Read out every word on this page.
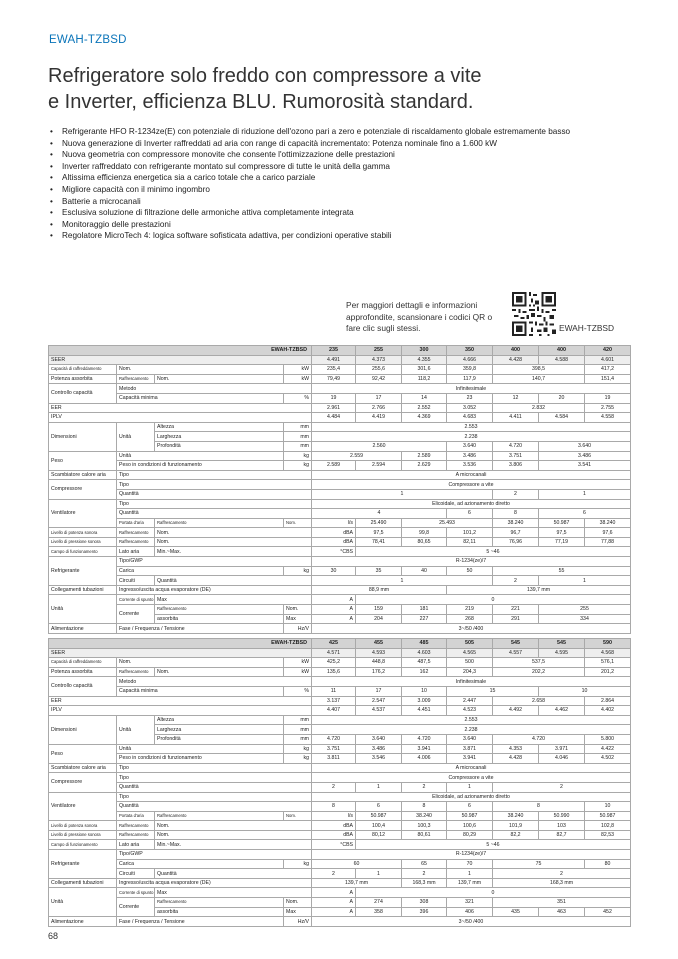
EWAH-TZBSD
Refrigeratore solo freddo con compressore a vite
e Inverter, efficienza BLU. Rumorosità standard.
• Refrigerante HFO R-1234ze(E) con potenziale di riduzione dell'ozono pari a zero e potenziale di riscaldamento globale estremamente basso
• Nuova generazione di Inverter raffreddati ad aria con range di capacità incrementato: Potenza nominale fino a 1.600 kW
• Nuova geometria con compressore monovite che consente l'ottimizzazione delle prestazioni
• Inverter raffreddato con refrigerante montato sul compressore di tutte le unità della gamma
• Altissima efficienza energetica sia a carico totale che a carico parziale
• Migliore capacità con il minimo ingombro
• Batterie a microcanali
• Esclusiva soluzione di filtrazione delle armoniche attiva completamente integrata
• Monitoraggio delle prestazioni
• Regolatore MicroTech 4: logica software sofisticata adattiva, per condizioni operative stabili
Per maggiori dettagli e informazioni approfondite, scansionare i codici QR o fare clic sugli stessi.	EWAH-TZBSD
EWAH-TZBSD				235	255	300	350	400	400	420	
SEER				4.491	4.373	4.355	4.666	4.428	4.588	4.601	
Capacità di raffreddamento	Nom.		kW	235,4	255,6	301,6	359,8	398,5		417,2	
Potenza assorbita	Raffrescamento	Nom.	kW	79,49	92,42	118,2	117,9	140,7		151,4	
Controllo capacità	Metodo			Infinitesimale							
	Capacità minima		%	19	17	14	23	12	20	19	
EER				2.961	2.766	2.552	3.052	2.832		2.755	
IPLV				4.484	4.419	4.369	4.683	4.411	4.584	4.558	
Dimensioni	Unità	Altezza	mm	2.553							
		Larghezza	mm	2.238							
		Profondità	mm	2.560			3.640	4.720	3.640		
Peso	Unità		kg	2.559		2.589	3.486	3.751	3.486		
	Peso in condizioni di funzionamento		kg	2.589	2.594	2.629	3.536	3.806	3.541		
Scambiatore calore aria	Tipo			A microcanali							
Compressore	Tipo			Compressore a vite							
	Quantità			1				2	1		
Ventilatore	Tipo			Elicoidale, ad azionamento diretto							
	Quantità			4			6	8	6		
	Portata d'aria	Raffrescamento	Nom.	l/s	25.490	25.493		38.240	50.987	38.240	
Livello di potenza sonora	Raffrescamento	Nom.		dBA	97,5	99,8	101,2	96,7	97,5	97,6	
Livello di pressione sonora	Raffrescamento	Nom.		dBA	78,41	80,65	82,11	76,96	77,19	77,88	
Campo di funzionamento	Lato aria	Min.~Max.		°CBS	5 ~46						
Refrigerante	Tipo/GWP			R-1234(ze)/7							
	Carica		kg	30	35	40	50	55			
	Circuiti	Quantità		1				2	1		
Collegamenti tubazioni	Ingresso/uscita acqua evaporatore (DE)			88,9 mm			139,7 mm				
Unità	Corrente di spunto	Max		A	0						
	Corrente	Raffrescamento	Nom.	A	159	181	219	221	255	
		assorbita	Max	A	204	227	268	291	334	
Alimentazione	Fase / Frequenza / Tensione		Hz/V	3~/50 /400							
EWAH-TZBSD				425	455	485	505	545	545	590	
SEER				4.571	4.593	4.603	4.565	4.557	4.595	4.568	
Capacità di raffreddamento	Nom.		kW	425,2	448,8	487,5	500	537,5		576,1	
Potenza assorbita	Raffrescamento	Nom.	kW	135,6	176,2	162	204,3	202,2		201,2	
Controllo capacità	Metodo			Infinitesimale							
	Capacità minima		%	11	17	10	15		10		
EER				3.137	2.547	3.009	2.447	2.658		2.864	
IPLV				4.407	4.537	4.451	4.523	4.492	4.462	4.402	
Dimensioni	Unità	Altezza	mm	2.553							
		Larghezza	mm	2.238							
		Profondità	mm	4.720	3.640	4.720	3.640	4.720		5.800	
Peso	Unità		kg	3.751	3.486	3.941	3.871	4.353	3.971	4.422	
	Peso in condizioni di funzionamento		kg	3.811	3.546	4.006	3.941	4.428	4.046	4.502	
Scambiatore calore aria	Tipo			A microcanali							
Compressore	Tipo			Compressore a vite							
	Quantità			2	1	2	1	2			
Ventilatore	Tipo			Elicoidale, ad azionamento diretto							
	Quantità			8	6	8	6	8		10	
	Portata d'aria	Raffrescamento	Nom.	l/s	50.987	38.240	50.987	38.240	50.990	50.987	
Livello di potenza sonora	Raffrescamento	Nom.		dBA	100,4	100,3	100,6	101,9	103	102,8	
Livello di pressione sonora	Raffrescamento	Nom.		dBA	80,12	80,61	80,29	82,2	82,7	82,53	
Campo di funzionamento	Lato aria	Min.~Max.		°CBS	5 ~46						
Refrigerante	Tipo/GWP			R-1234(ze)/7							
	Carica		kg	60		65	70	75		80	
	Circuiti	Quantità		2	1	2	1	2			
Collegamenti tubazioni	Ingresso/uscita acqua evaporatore (DE)			139,7 mm		168,3 mm	139,7 mm	168,3 mm			
Unità	Corrente di spunto	Max		A	0						
	Corrente	Raffrescamento	Nom.	A	274	308	321	351	
		assorbita	Max	A	358	396	406	435	463	452	
Alimentazione	Fase / Frequenza / Tensione		Hz/V	3~/50 /400							
68
